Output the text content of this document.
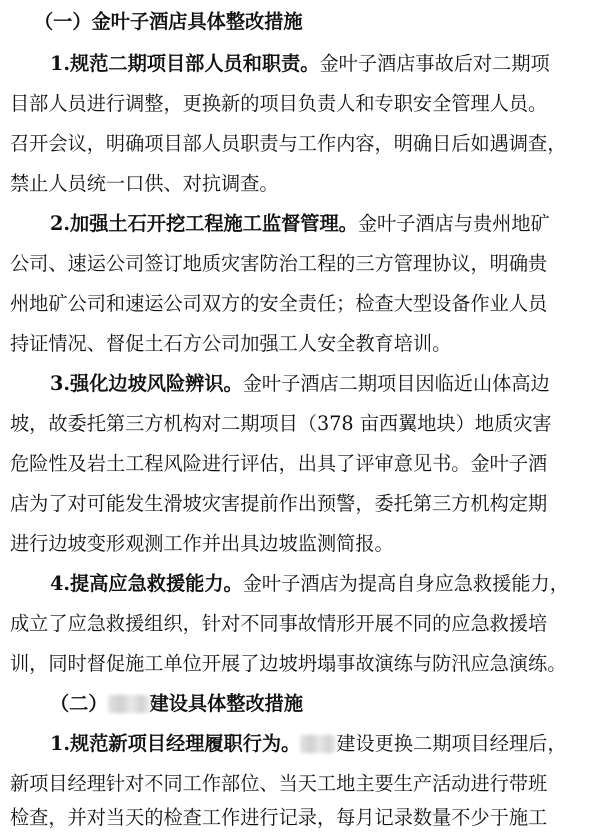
（一）金叶子酒店具体整改措施
1.规范二期项目部人员和职责。金叶子酒店事故后对二期项
目部人员进行调整，更换新的项目负责人和专职安全管理人员。
召开会议，明确项目部人员职责与工作内容，明确日后如遇调查，
禁止人员统一口供、对抗调查。
2.加强土石开挖工程施工监督管理。金叶子酒店与贵州地矿
公司、速运公司签订地质灾害防治工程的三方管理协议，明确贵
州地矿公司和速运公司双方的安全责任；检查大型设备作业人员
持证情况、督促土石方公司加强工人安全教育培训。
3.强化边坡风险辨识。金叶子酒店二期项目因临近山体高边
坡，故委托第三方机构对二期项目（378 亩西翼地块）地质灾害
危险性及岩土工程风险进行评估，出具了评审意见书。金叶子酒
店为了对可能发生滑坡灾害提前作出预警，委托第三方机构定期
进行边坡变形观测工作并出具边坡监测简报。
4.提高应急救援能力。金叶子酒店为提高自身应急救援能力，
成立了应急救援组织，针对不同事故情形开展不同的应急救援培
训，同时督促施工单位开展了边坡坍塌事故演练与防汛应急演练。
（二） 建设具体整改措施
1.规范新项目经理履职行为。 建设更换二期项目经理后，
新项目经理针对不同工作部位、当天工地主要生产活动进行带班
检查，并对当天的检查工作进行记录，每月记录数量不少于施工
